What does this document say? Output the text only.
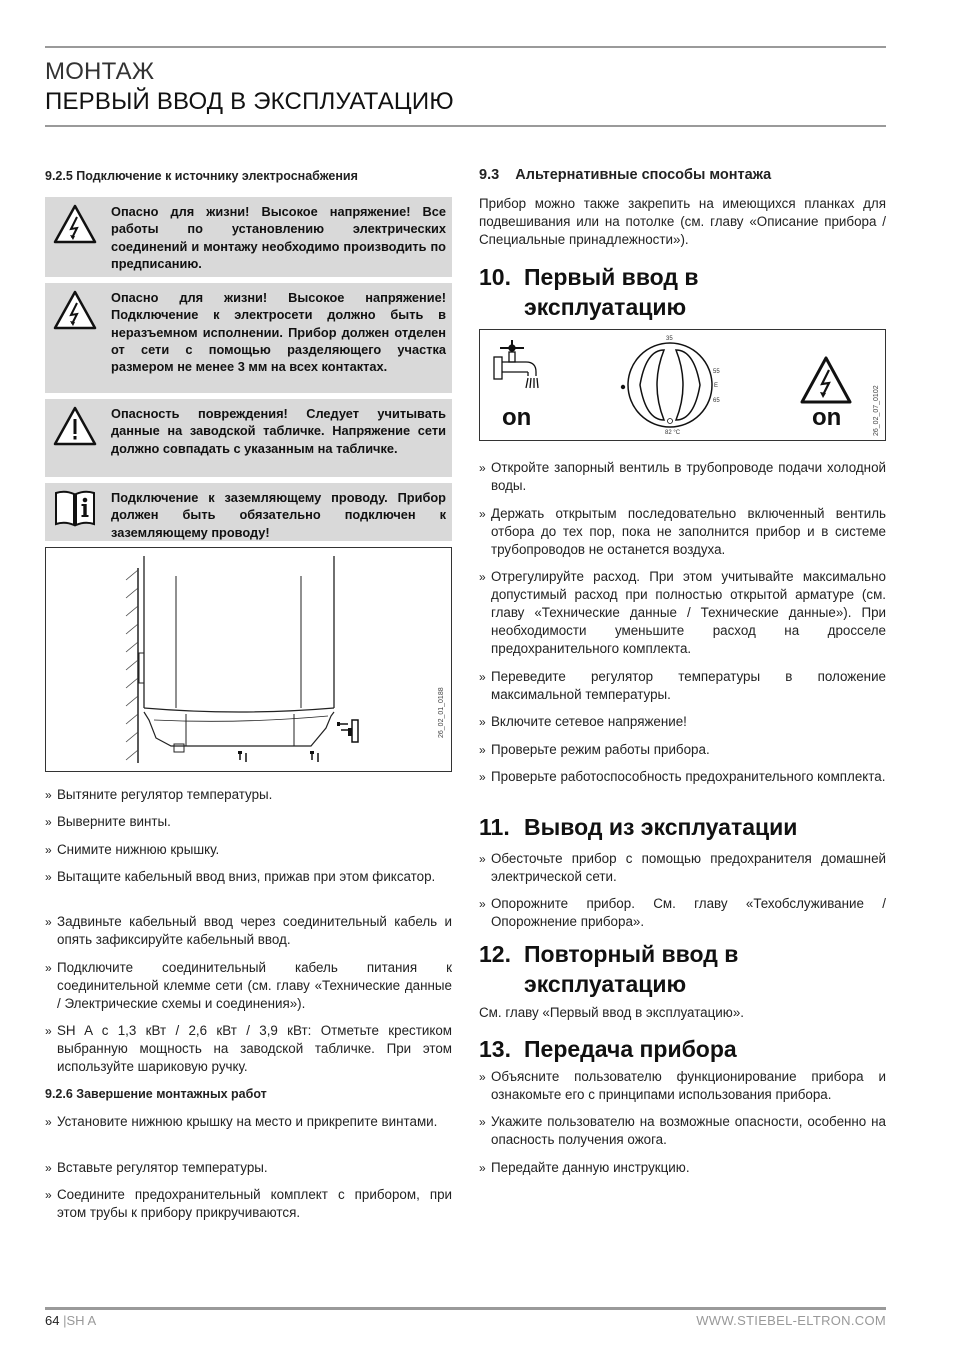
МОНТАЖ
ПЕРВЫЙ ВВОД В ЭКСПЛУАТАЦИЮ
9.2.5 Подключение к источнику электроснабжения
Опасно для жизни! Высокое напряжение! Все работы по установлению электрических соединений и монтажу необходимо производить по предписанию.
Опасно для жизни! Высокое напряжение! Подключение к электросети должно быть в неразъемном исполнении. Прибор должен отделен от сети с помощью разделяющего участка размером не менее 3 мм на всех контактах.
Опасность повреждения! Следует учитывать данные на заводской табличке. Напряжение сети должно совпадать с указанным на табличке.
Подключение к заземляющему проводу. Прибор должен быть обязательно подключен к заземляющему проводу!
26_02_01_0188
» Вытяните регулятор температуры.
» Выверните винты.
» Снимите нижнюю крышку.
» Вытащите кабельный ввод вниз, прижав при этом фиксатор.
» Задвиньте кабельный ввод через соединительный кабель и опять зафиксируйте кабельный ввод.
» Подключите соединительный кабель питания к соединительной клемме сети (см. главу «Технические данные / Электрические схемы и соединения»).
» SH A с 1,3 кВт / 2,6 кВт / 3,9 кВт: Отметьте крестиком выбранную мощность на заводской табличке. При этом используйте шариковую ручку.
9.2.6 Завершение монтажных работ
» Установите нижнюю крышку на место и прикрепите винтами.
» Вставьте регулятор температуры.
» Соедините предохранительный комплект с прибором, при этом трубы к прибору прикручиваются.
9.3    Альтернативные способы монтажа
Прибор можно также закрепить на имеющихся планках для подвешивания или на потолке (см. главу «Описание прибора / Специальные принадлежности»).
10. Первый ввод в
эксплуатацию
on	on
35
55
E
65
82 °C	26_02_07_0102
» Откройте запорный вентиль в трубопроводе подачи холодной воды.
» Держать открытым последовательно включенный вентиль отбора до тех пор, пока не заполнится прибор и в системе трубопроводов не останется воздуха.
» Отрегулируйте расход. При этом учитывайте максимально допустимый расход при полностью открытой арматуре (см. главу «Технические данные / Технические данные»). При необходимости уменьшите расход на дросселе предохранительного комплекта.
» Переведите регулятор температуры в положение максимальной температуры.
» Включите сетевое напряжение!
» Проверьте режим работы прибора.
» Проверьте работоспособность предохранительного комплекта.
11. Вывод из эксплуатации
» Обесточьте прибор с помощью предохранителя домашней электрической сети.
» Опорожните прибор. См. главу «Техобслуживание / Опорожнение прибора».
12. Повторный ввод в
эксплуатацию
См. главу «Первый ввод в эксплуатацию».
13. Передача прибора
» Объясните пользователю функционирование прибора и ознакомьте его с принципами использования прибора.
» Укажите пользователю на возможные опасности, особенно на опасность получения ожога.
» Передайте данную инструкцию.
64 |SH A	WWW.STIEBEL-ELTRON.COM
